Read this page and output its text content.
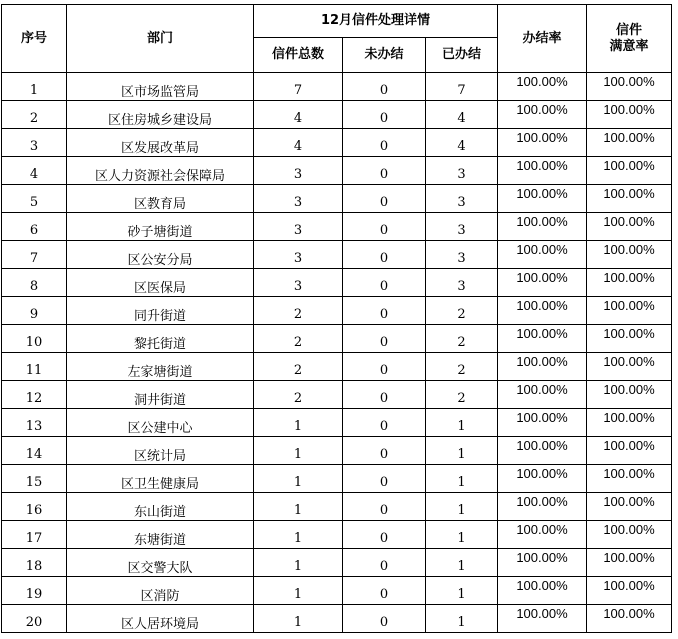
序号	部门	12月信件处理详情			办结率	信件
满意率
		信件总数	未办结	已办结		
1	区市场监管局	7	0	7	100.00%	100.00%
2	区住房城乡建设局	4	0	4	100.00%	100.00%
3	区发展改革局	4	0	4	100.00%	100.00%
4	区人力资源社会保障局	3	0	3	100.00%	100.00%
5	区教育局	3	0	3	100.00%	100.00%
6	砂子塘街道	3	0	3	100.00%	100.00%
7	区公安分局	3	0	3	100.00%	100.00%
8	区医保局	3	0	3	100.00%	100.00%
9	同升街道	2	0	2	100.00%	100.00%
10	黎托街道	2	0	2	100.00%	100.00%
11	左家塘街道	2	0	2	100.00%	100.00%
12	洞井街道	2	0	2	100.00%	100.00%
13	区公建中心	1	0	1	100.00%	100.00%
14	区统计局	1	0	1	100.00%	100.00%
15	区卫生健康局	1	0	1	100.00%	100.00%
16	东山街道	1	0	1	100.00%	100.00%
17	东塘街道	1	0	1	100.00%	100.00%
18	区交警大队	1	0	1	100.00%	100.00%
19	区消防	1	0	1	100.00%	100.00%
20	区人居环境局	1	0	1	100.00%	100.00%
